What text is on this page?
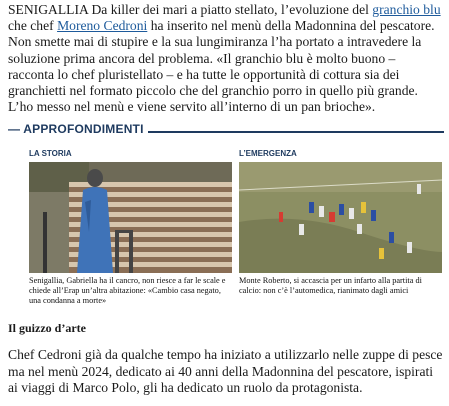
SENIGALLIA Da killer dei mari a piatto stellato, l’evoluzione del granchio blu che chef Moreno Cedroni ha inserito nel menù della Madonnina del pescatore. Non smette mai di stupire e la sua lungimiranza l’ha portato a intravedere la soluzione prima ancora del problema. «Il granchio blu è molto buono – racconta lo chef pluristellato – e ha tutte le opportunità di cottura sia dei granchietti nel formato piccolo che del granchio porro in quello più grande. L’ho messo nel menù e viene servito all’interno di un pan brioche».

— APPROFONDIMENTI
LA STORIA
Senigallia, Gabriella ha il cancro, non riesce a far le scale e chiede all’Erap un’altra abitazione: «Cambio casa negato, una condanna a morte»
L’EMERGENZA
Monte Roberto, si accascia per un infarto alla partita di calcio: non c’è l’automedica, rianimato dagli amici
Il guizzo d’arte

Chef Cedroni già da qualche tempo ha iniziato a utilizzarlo nelle zuppe di pesce ma nel menù 2024, dedicato ai 40 anni della Madonnina del pescatore, ispirati ai viaggi di Marco Polo, gli ha dedicato un ruolo da protagonista.
